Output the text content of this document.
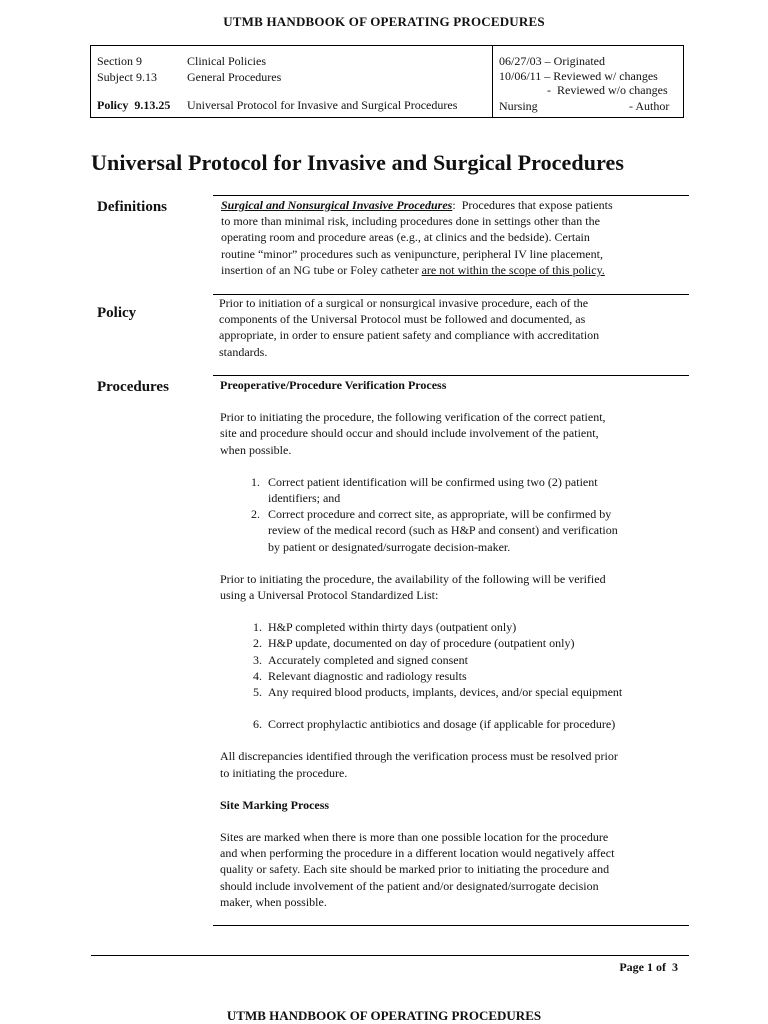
UTMB HANDBOOK OF OPERATING PROCEDURES
Section 9	Clinical Policies
Subject 9.13	General Procedures
Policy  9.13.25 Universal Protocol for Invasive and Surgical Procedures
06/27/03 – Originated
10/06/11 – Reviewed w/ changes
-  Reviewed w/o changes
Nursing	- Author
Universal Protocol for Invasive and Surgical Procedures
Definitions	Surgical and Nonsurgical Invasive Procedures:  Procedures that expose patients

to more than minimal risk, including procedures done in settings other than the

operating room and procedure areas (e.g., at clinics and the bedside). Certain

routine “minor” procedures such as venipuncture, peripheral IV line placement,

insertion of an NG tube or Foley catheter are not within the scope of this policy.

Policy

Prior to initiation of a surgical or nonsurgical invasive procedure, each of the

components of the Universal Protocol must be followed and documented, as

appropriate, in order to ensure patient safety and compliance with accreditation

standards.

Procedures	Preoperative/Procedure Verification Process

Prior to initiating the procedure, the following verification of the correct patient,

site and procedure should occur and should include involvement of the patient,

when possible.

1. Correct patient identification will be confirmed using two (2) patient
identifiers; and
2. Correct procedure and correct site, as appropriate, will be confirmed by
review of the medical record (such as H&P and consent) and verification
by patient or designated/surrogate decision-maker.

Prior to initiating the procedure, the availability of the following will be verified

using a Universal Protocol Standardized List:

1. H&P completed within thirty days (outpatient only)
2. H&P update, documented on day of procedure (outpatient only)
3. Accurately completed and signed consent
4. Relevant diagnostic and radiology results
5. Any required blood products, implants, devices, and/or special equipment
6. Correct prophylactic antibiotics and dosage (if applicable for procedure)

All discrepancies identified through the verification process must be resolved prior

to initiating the procedure.

Site Marking Process

Sites are marked when there is more than one possible location for the procedure

and when performing the procedure in a different location would negatively affect

quality or safety. Each site should be marked prior to initiating the procedure and

should include involvement of the patient and/or designated/surrogate decision

maker, when possible.

Page 1 of  3
UTMB HANDBOOK OF OPERATING PROCEDURES
